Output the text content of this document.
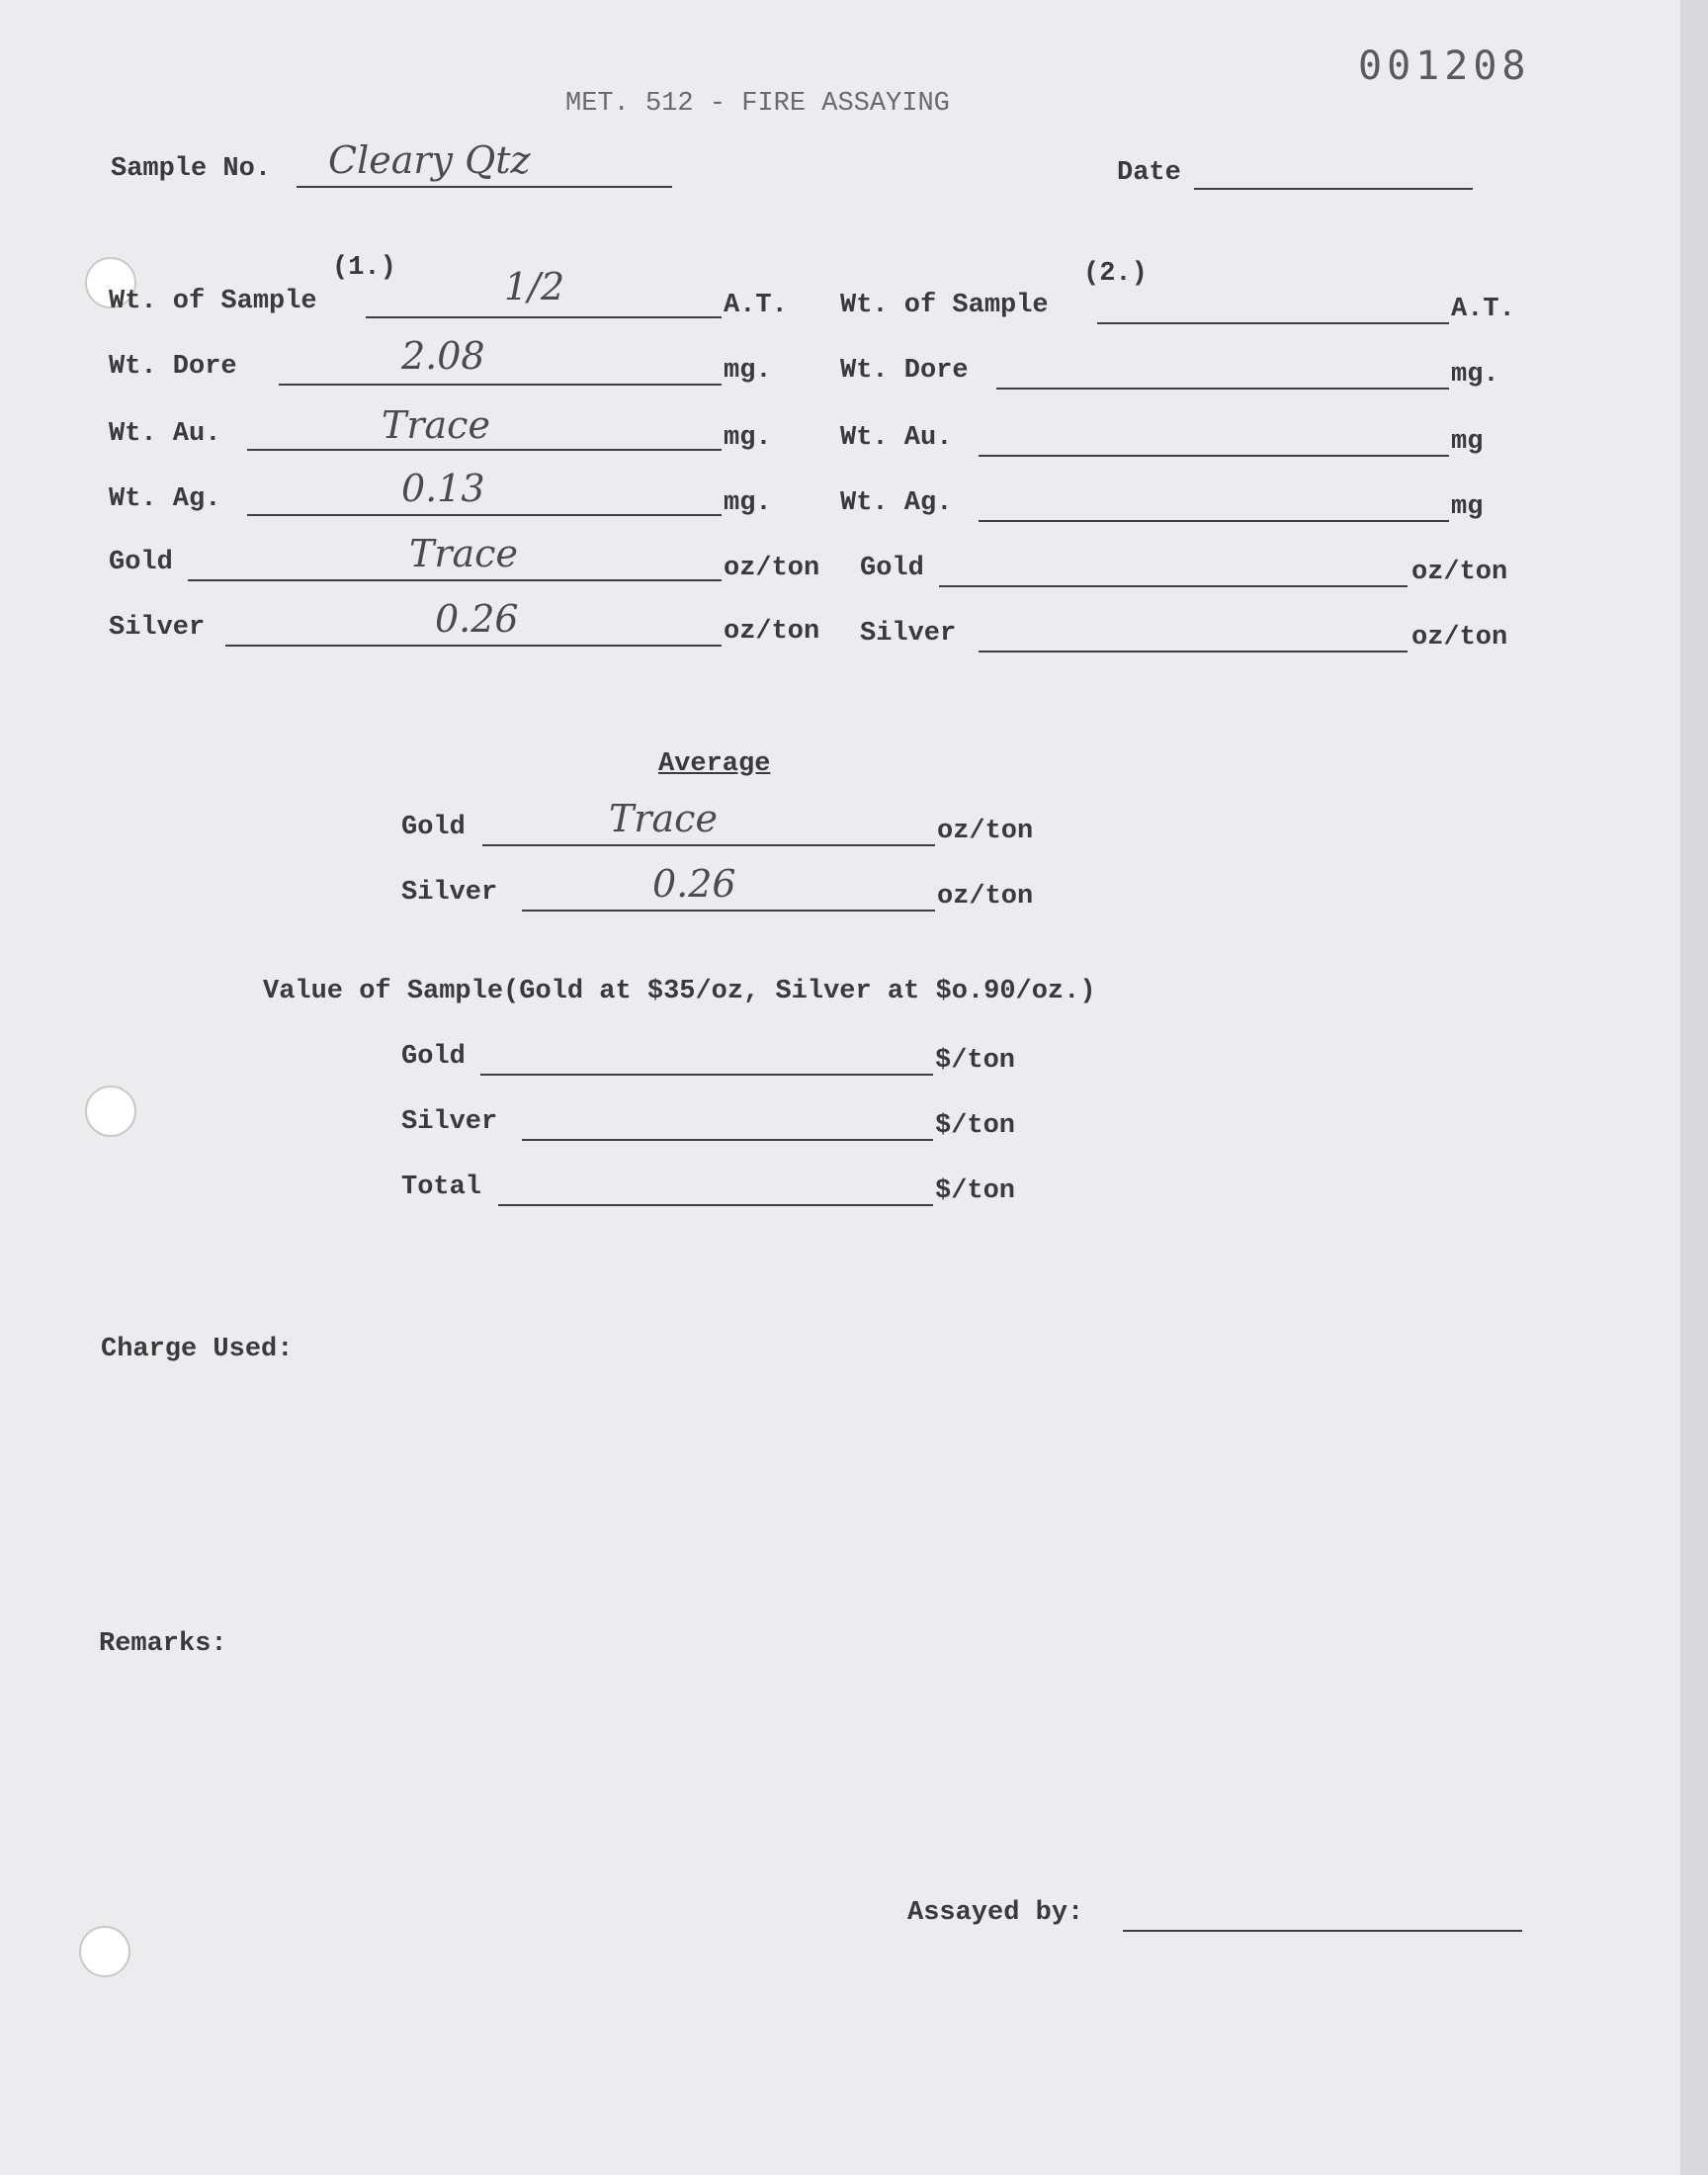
001208
MET. 512 - FIRE ASSAYING
Sample No. Cleary Qtz	Date
(1.)	(2.)
Wt. of Sample	1/2	A.T. Wt. of Sample	A.T.
Wt. Dore	2.08	mg.	Wt. Dore	mg.
Wt. Au.	Trace	mg.	Wt. Au.	mg
Wt. Ag.	0.13	mg.	Wt. Ag.	mg
Gold	Trace	oz/ton Gold	oz/ton
Silver	0.26	oz/ton Silver	oz/ton
Average
Gold	Trace	oz/ton
Silver	0.26	oz/ton
Value of Sample(Gold at $35/oz, Silver at $o.90/oz.)
Gold	$/ton
Silver	$/ton
Total	$/ton
Charge Used:
Remarks:
Assayed by:
